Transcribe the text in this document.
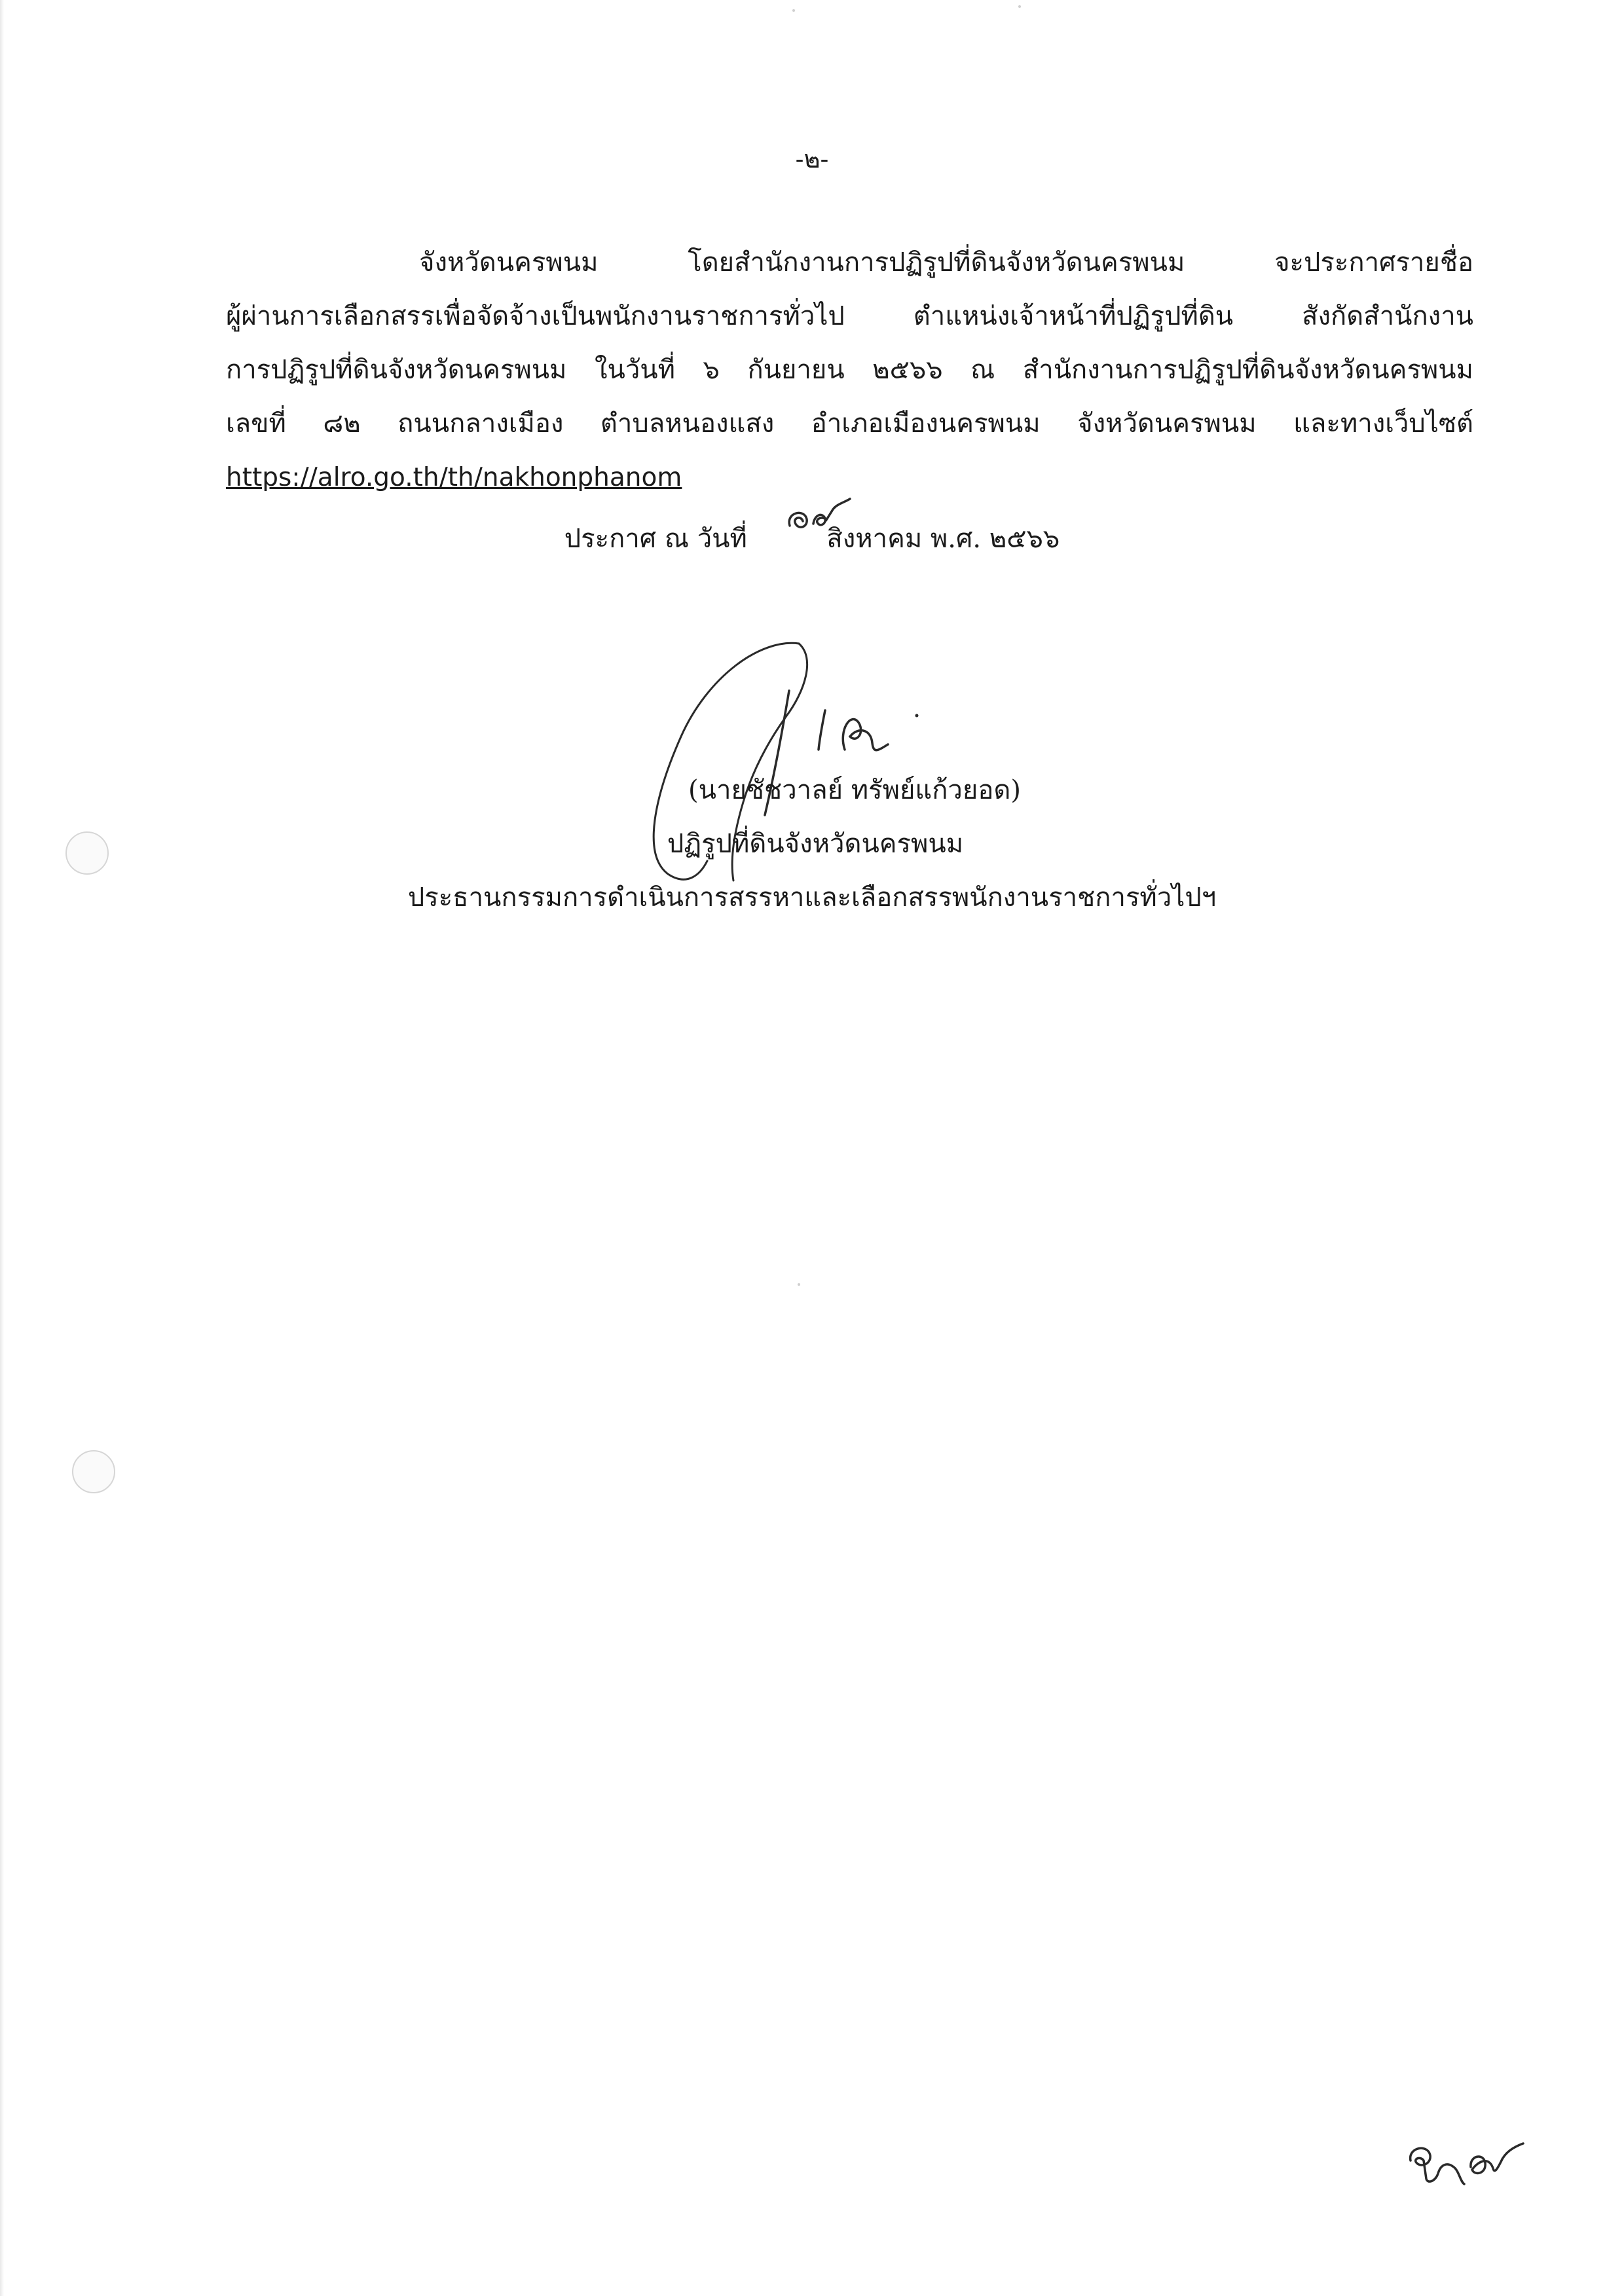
-๒-
จังหวัดนครพนม โดยสำนักงานการปฏิรูปที่ดินจังหวัดนครพนม จะประกาศรายชื่อ
ผู้ผ่านการเลือกสรรเพื่อจัดจ้างเป็นพนักงานราชการทั่วไป ตำแหน่งเจ้าหน้าที่ปฏิรูปที่ดิน สังกัดสำนักงาน
การปฏิรูปที่ดินจังหวัดนครพนม ในวันที่ ๖ กันยายน ๒๕๖๖ ณ สำนักงานการปฏิรูปที่ดินจังหวัดนครพนม
เลขที่ ๘๒ ถนนกลางเมือง ตำบลหนองแสง อำเภอเมืองนครพนม จังหวัดนครพนม และทางเว็บไซต์
https://alro.go.th/th/nakhonphanom
ประกาศ ณ วันที่	สิงหาคม พ.ศ. ๒๕๖๖
(นายชัชวาลย์ ทรัพย์แก้วยอด)
ปฏิรูปที่ดินจังหวัดนครพนม
ประธานกรรมการดำเนินการสรรหาและเลือกสรรพนักงานราชการทั่วไปฯ
